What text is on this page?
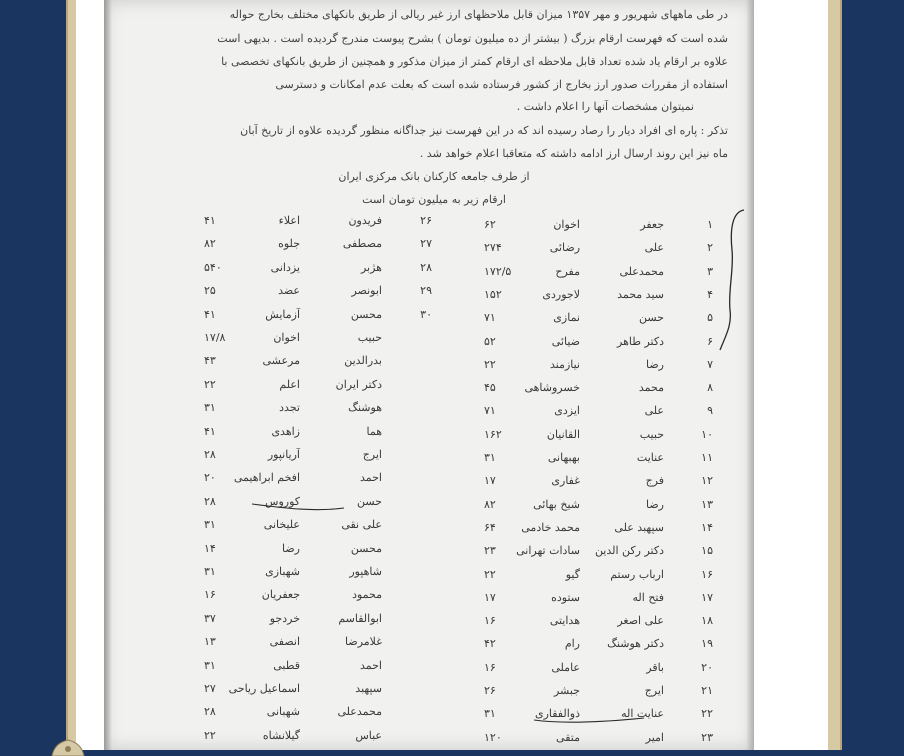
در طی ماههای شهریور و مهر ۱۳۵۷ میزان قابل ملاحظهای ارز غیر ریالی از طریق بانکهای مختلف بخارج حواله
شده است که فهرست ارقام بزرگ ( بیشتر از ده میلیون تومان ) بشرح پیوست مندرج گردیده است . بدیهی است
علاوه بر ارقام یاد شده تعداد قابل ملاحظه ای ارقام کمتر از میزان مذکور و همچنین از طریق بانکهای تخصصی با
استفاده از مقررات صدور ارز بخارج از کشور فرستاده شده است که بعلت عدم امکانات و دسترسی
نمیتوان مشخصات آنها را اعلام داشت .
تذکر : پاره ای افراد دیار را رصاد رسیده اند که در این فهرست نیز جداگانه منظور گردیده علاوه از تاریخ آبان
ماه نیز این روند ارسال ارز ادامه داشته که متعاقبا اعلام خواهد شد .
از طرف جامعه کارکنان بانک مرکزی ایران
ارقام زیر به میلیون تومان است
۱
جعفر
اخوان
۶۲
۲
علی
رضائی
۲۷۴
۳
محمدعلی
مفرح
۱۷۲/۵
۴
سید محمد
لاجوردی
۱۵۲
۵
حسن
نمازی
۷۱
۶
دکتر طاهر
ضیائی
۵۲
۷
رضا
نیازمند
۲۲
۸
محمد
خسروشاهی
۴۵
۹
علی
ایزدی
۷۱
۱۰
حبیب
القانیان
۱۶۲
۱۱
عنایت
بهبهانی
۳۱
۱۲
فرج
غفاری
۱۷
۱۳
رضا
شیخ بهائی
۸۲
۱۴
سپهبد علی
محمد خادمی
۶۴
۱۵
دکتر رکن الدین
سادات تهرانی
۲۳
۱۶
ارباب رستم
گیو
۲۲
۱۷
فتح اله
ستوده
۱۷
۱۸
علی اصغر
هدایتی
۱۶
۱۹
دکتر هوشنگ
رام
۴۲
۲۰
باقر
عاملی
۱۶
۲۱
ایرج
جبشر
۲۶
۲۲
عنایت اله
ذوالفقاری
۳۱
۲۳
امیر
متقی
۱۲۰
۲۶
فریدون
اعلاء
۴۱
۲۷
مصطفی
جلوه
۸۲
۲۸
هژبر
یزدانی
۵۴۰
۲۹
ابونصر
عضد
۲۵
۳۰
محسن
آزمایش
۴۱
حبیب
اخوان
۱۷/۸
بدرالدین
مرعشی
۴۳
دکتر ایران
اعلم
۲۲
هوشنگ
تجدد
۳۱
هما
زاهدی
۴۱
ایرج
آریانپور
۲۸
احمد
افخم ابراهیمی
۲۰
حسن
کوروس
۲۸
علی نقی
علیخانی
۳۱
محسن
رضا
۱۴
شاهپور
شهبازی
۳۱
محمود
جعفریان
۱۶
ابوالقاسم
خردجو
۳۷
غلامرضا
انصفی
۱۳
احمد
قطبی
۳۱
سپهبد
اسماعیل ریاحی
۲۷
محمدعلی
شهبانی
۲۸
عباس
گیلانشاه
۲۲
